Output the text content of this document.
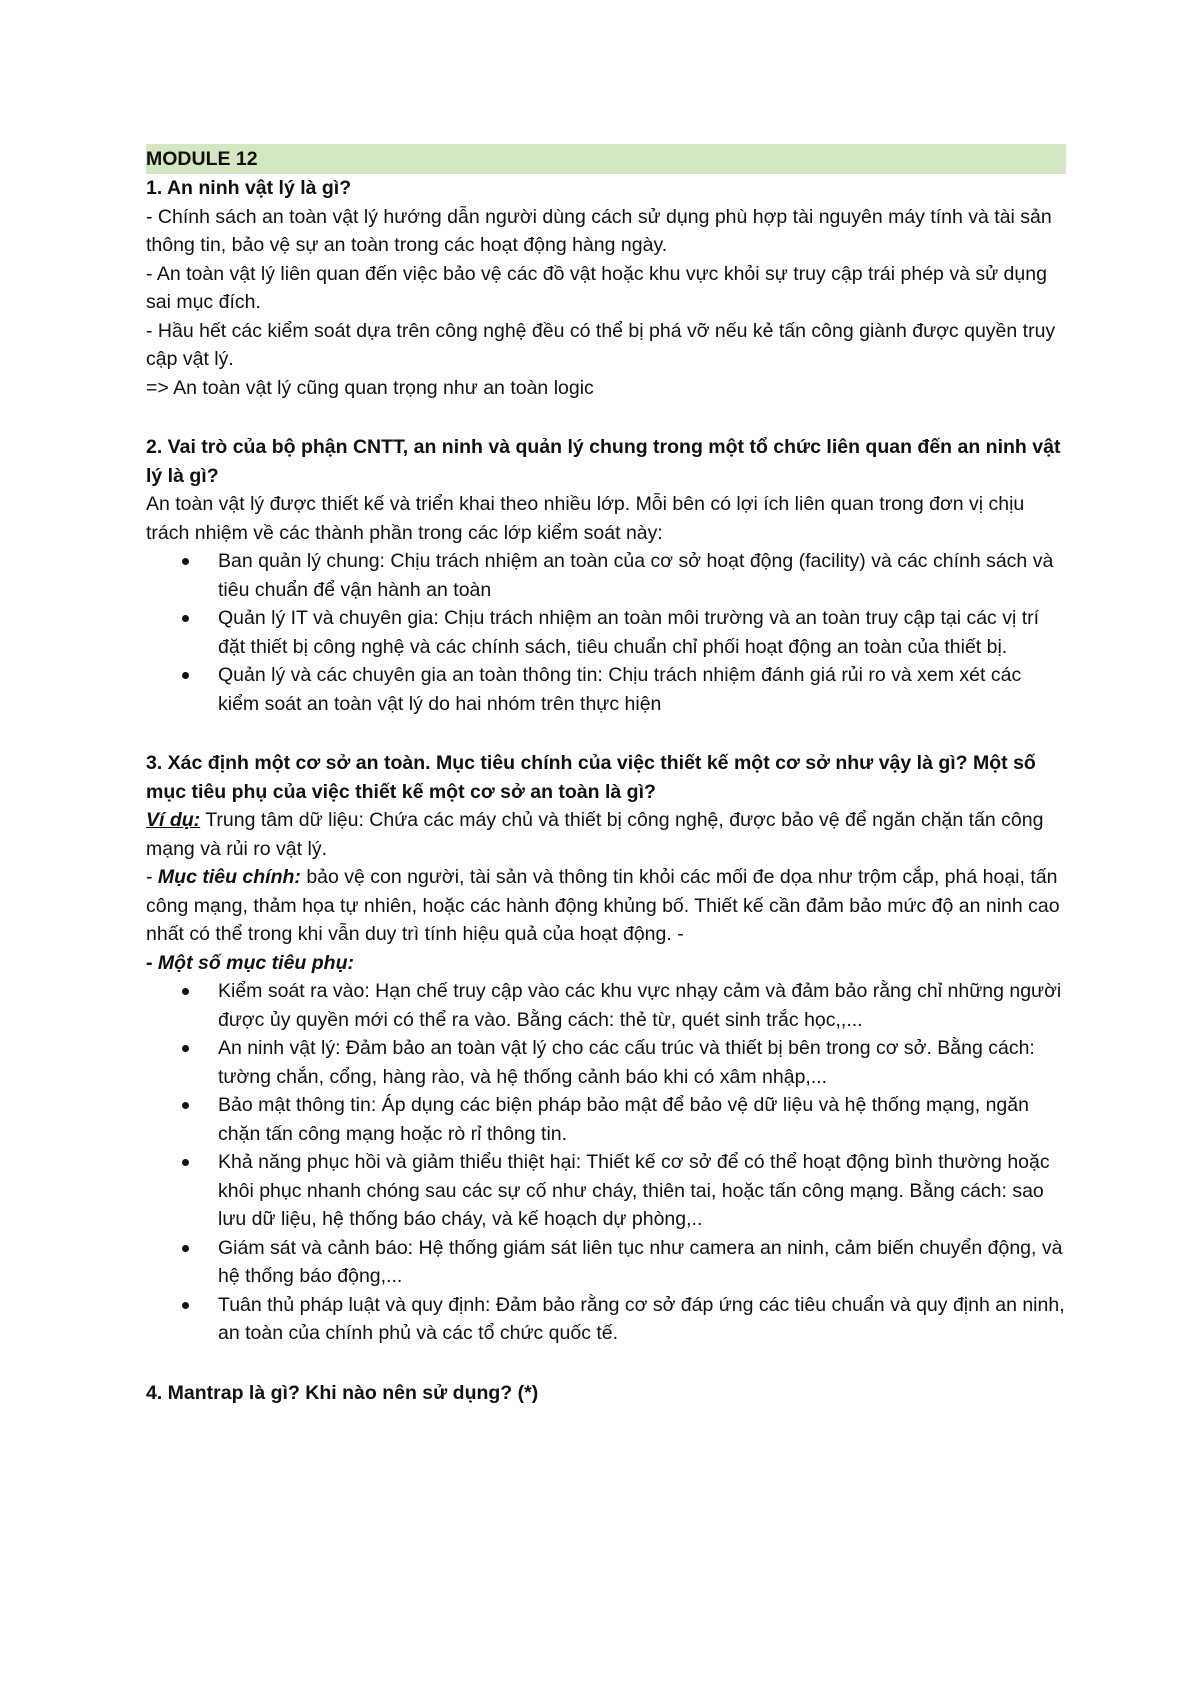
MODULE 12

1. An ninh vật lý là gì?

- Chính sách an toàn vật lý hướng dẫn người dùng cách sử dụng phù hợp tài nguyên máy tính và tài sản thông tin, bảo vệ sự an toàn trong các hoạt động hàng ngày.

- An toàn vật lý liên quan đến việc bảo vệ các đồ vật hoặc khu vực khỏi sự truy cập trái phép và sử dụng sai mục đích.

- Hầu hết các kiểm soát dựa trên công nghệ đều có thể bị phá vỡ nếu kẻ tấn công giành được quyền truy cập vật lý.

=> An toàn vật lý cũng quan trọng như an toàn logic

2. Vai trò của bộ phận CNTT, an ninh và quản lý chung trong một tổ chức liên quan đến an ninh vật lý là gì?

An toàn vật lý được thiết kế và triển khai theo nhiều lớp. Mỗi bên có lợi ích liên quan trong đơn vị chịu trách nhiệm về các thành phần trong các lớp kiểm soát này:

Ban quản lý chung: Chịu trách nhiệm an toàn của cơ sở hoạt động (facility) và các chính sách và tiêu chuẩn để vận hành an toàn
Quản lý IT và chuyên gia: Chịu trách nhiệm an toàn môi trường và an toàn truy cập tại các vị trí đặt thiết bị công nghệ và các chính sách, tiêu chuẩn chỉ phối hoạt động an toàn của thiết bị.
Quản lý và các chuyên gia an toàn thông tin: Chịu trách nhiệm đánh giá rủi ro và xem xét các kiểm soát an toàn vật lý do hai nhóm trên thực hiện

3. Xác định một cơ sở an toàn. Mục tiêu chính của việc thiết kế một cơ sở như vậy là gì? Một số mục tiêu phụ của việc thiết kế một cơ sở an toàn là gì?

Ví dụ: Trung tâm dữ liệu: Chứa các máy chủ và thiết bị công nghệ, được bảo vệ để ngăn chặn tấn công mạng và rủi ro vật lý.

- Mục tiêu chính: bảo vệ con người, tài sản và thông tin khỏi các mối đe dọa như trộm cắp, phá hoại, tấn công mạng, thảm họa tự nhiên, hoặc các hành động khủng bố. Thiết kế cần đảm bảo mức độ an ninh cao nhất có thể trong khi vẫn duy trì tính hiệu quả của hoạt động. -

- Một số mục tiêu phụ:

Kiểm soát ra vào: Hạn chế truy cập vào các khu vực nhạy cảm và đảm bảo rằng chỉ những người được ủy quyền mới có thể ra vào. Bằng cách: thẻ từ, quét sinh trắc học,,...
An ninh vật lý: Đảm bảo an toàn vật lý cho các cấu trúc và thiết bị bên trong cơ sở. Bằng cách: tường chắn, cổng, hàng rào, và hệ thống cảnh báo khi có xâm nhập,...
Bảo mật thông tin: Áp dụng các biện pháp bảo mật để bảo vệ dữ liệu và hệ thống mạng, ngăn chặn tấn công mạng hoặc rò rỉ thông tin.
Khả năng phục hồi và giảm thiểu thiệt hại: Thiết kế cơ sở để có thể hoạt động bình thường hoặc khôi phục nhanh chóng sau các sự cố như cháy, thiên tai, hoặc tấn công mạng. Bằng cách: sao lưu dữ liệu, hệ thống báo cháy, và kế hoạch dự phòng,..
Giám sát và cảnh báo: Hệ thống giám sát liên tục như camera an ninh, cảm biến chuyển động, và hệ thống báo động,...
Tuân thủ pháp luật và quy định: Đảm bảo rằng cơ sở đáp ứng các tiêu chuẩn và quy định an ninh, an toàn của chính phủ và các tổ chức quốc tế.

4. Mantrap là gì? Khi nào nên sử dụng? (*)
